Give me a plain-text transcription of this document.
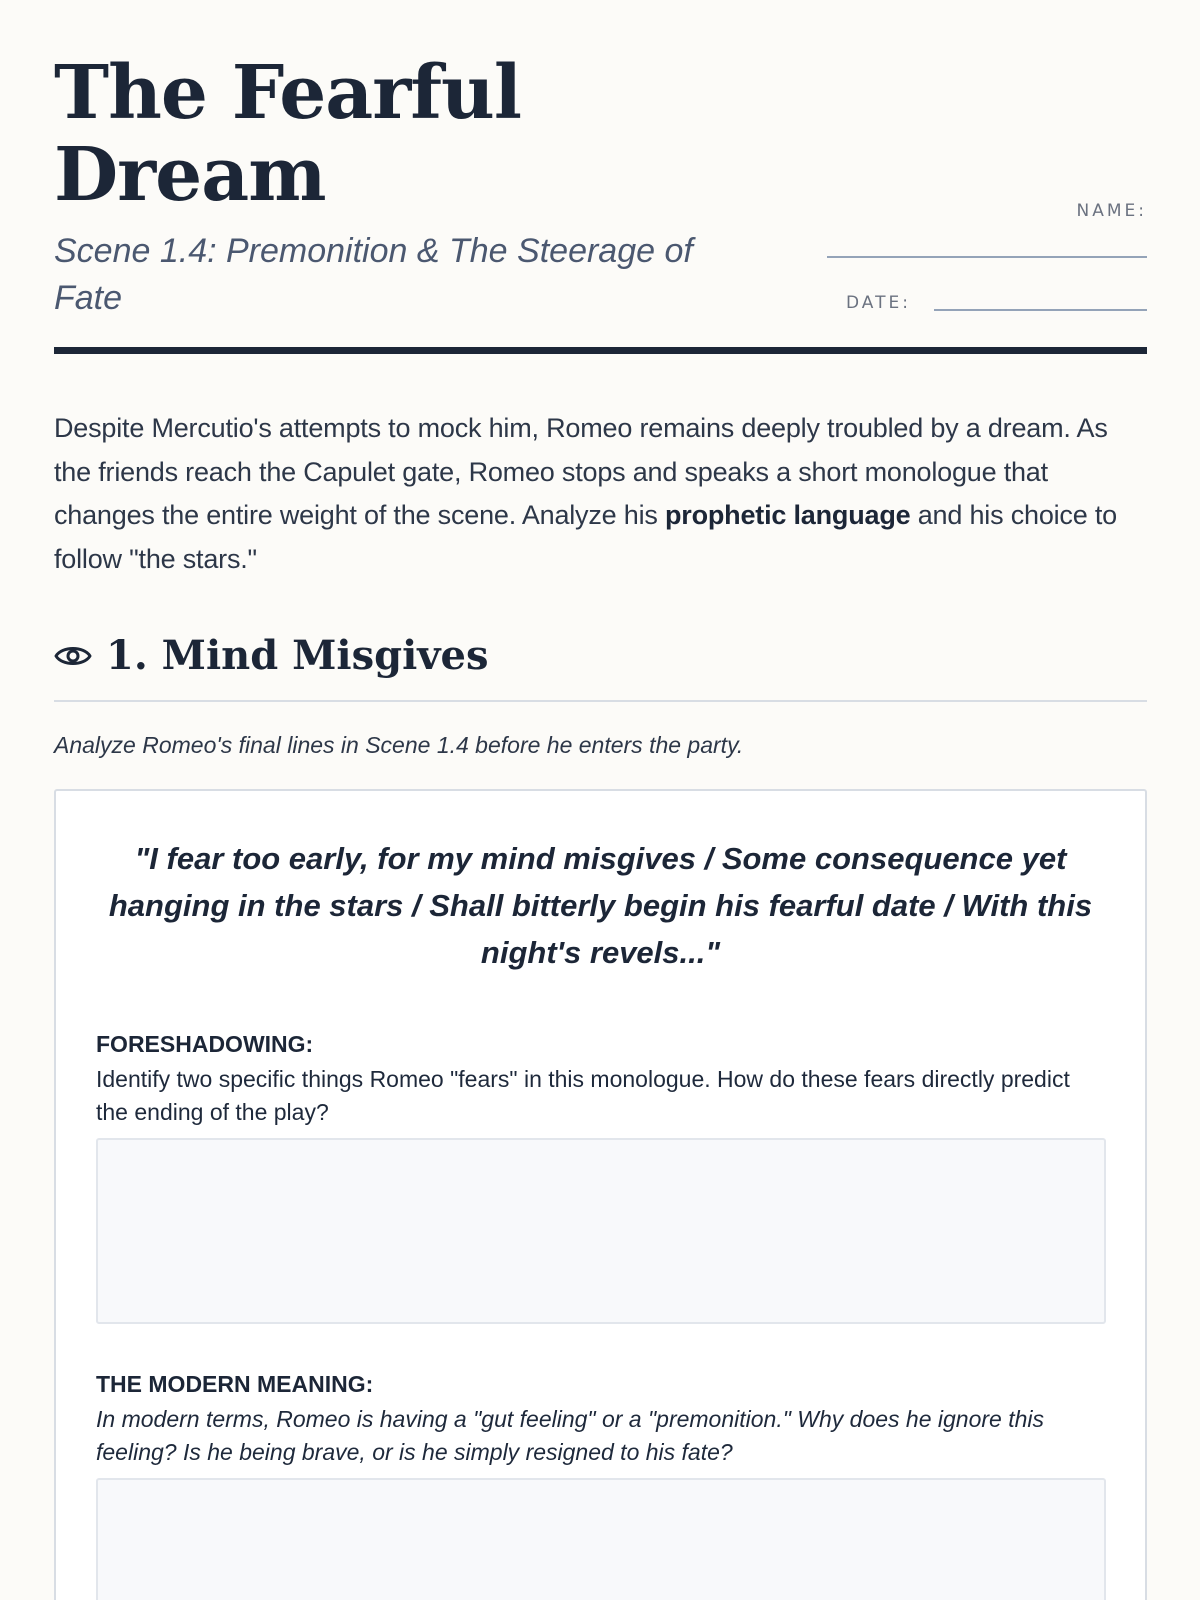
The Fearful
Dream
Scene 1.4: Premonition & The Steerage of Fate
NAME:
DATE:

Despite Mercutio's attempts to mock him, Romeo remains deeply troubled by a dream. As the friends reach the Capulet gate, Romeo stops and speaks a short monologue that changes the entire weight of the scene. Analyze his prophetic language and his choice to follow "the stars."

1. Mind Misgives
Analyze Romeo's final lines in Scene 1.4 before he enters the party.
"I fear too early, for my mind misgives / Some consequence yet hanging in the stars / Shall bitterly begin his fearful date / With this night's revels..."
FORESHADOWING:
Identify two specific things Romeo "fears" in this monologue. How do these fears directly predict the ending of the play?
THE MODERN MEANING:
In modern terms, Romeo is having a "gut feeling" or a "premonition." Why does he ignore this feeling? Is he being brave, or is he simply resigned to his fate?
